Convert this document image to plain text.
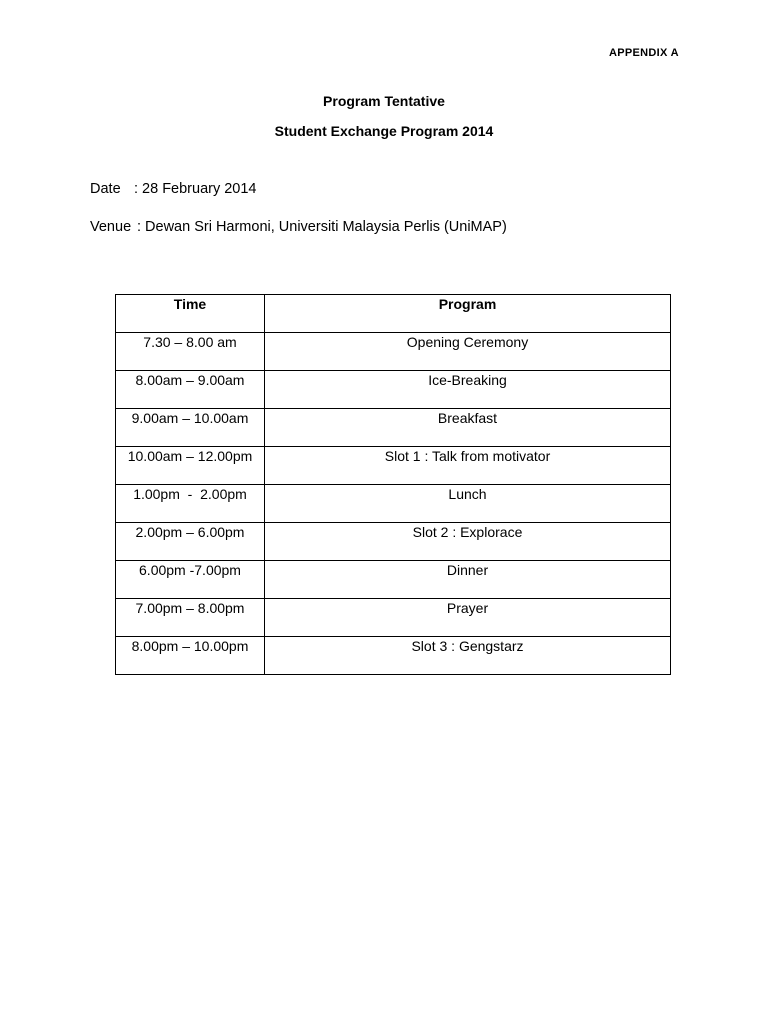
APPENDIX A
Program Tentative
Student Exchange Program 2014
Date : 28 February 2014
Venue : Dewan Sri Harmoni, Universiti Malaysia Perlis (UniMAP)
Time	Program

7.30 – 8.00 am	Opening Ceremony

8.00am – 9.00am	Ice-Breaking

9.00am – 10.00am	Breakfast

10.00am – 12.00pm	Slot 1 : Talk from motivator

1.00pm  -  2.00pm	Lunch

2.00pm – 6.00pm	Slot 2 : Explorace

6.00pm -7.00pm	Dinner

7.00pm – 8.00pm	Prayer

8.00pm – 10.00pm	Slot 3 : Gengstarz
